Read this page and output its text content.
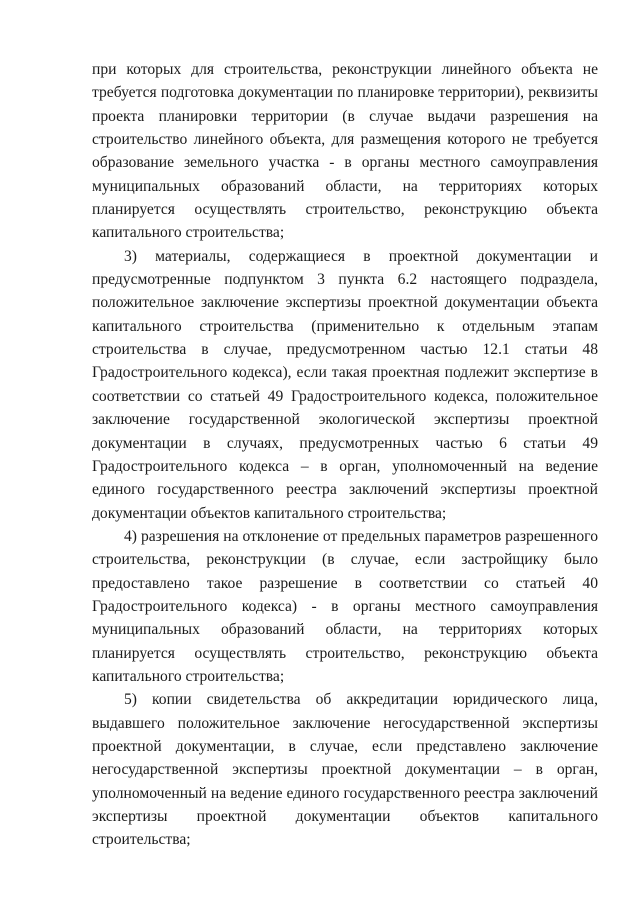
при которых для строительства, реконструкции линейного объекта не требуется подготовка документации по планировке территории), реквизиты проекта планировки территории (в случае выдачи разрешения на строительство линейного объекта, для размещения которого не требуется образование земельного участка - в органы местного самоуправления муниципальных образований области, на территориях которых планируется осуществлять строительство, реконструкцию объекта капитального строительства;

3) материалы, содержащиеся в проектной документации и предусмотренные подпунктом 3 пункта 6.2 настоящего подраздела, положительное заключение экспертизы проектной документации объекта капитального строительства (применительно к отдельным этапам строительства в случае, предусмотренном частью 12.1 статьи 48 Градостроительного кодекса), если такая проектная подлежит экспертизе в соответствии со статьей 49 Градостроительного кодекса, положительное заключение государственной экологической экспертизы проектной документации в случаях, предусмотренных частью 6 статьи 49 Градостроительного кодекса – в орган, уполномоченный на ведение единого государственного реестра заключений экспертизы проектной документации объектов капитального строительства;

4) разрешения на отклонение от предельных параметров разрешенного строительства, реконструкции (в случае, если застройщику было предоставлено такое разрешение в соответствии со статьей 40 Градостроительного кодекса) - в органы местного самоуправления муниципальных образований области, на территориях которых планируется осуществлять строительство, реконструкцию объекта капитального строительства;

5) копии свидетельства об аккредитации юридического лица, выдавшего положительное заключение негосударственной экспертизы проектной документации, в случае, если представлено заключение негосударственной экспертизы проектной документации – в орган, уполномоченный на ведение единого государственного реестра заключений экспертизы проектной документации объектов капитального строительства;
